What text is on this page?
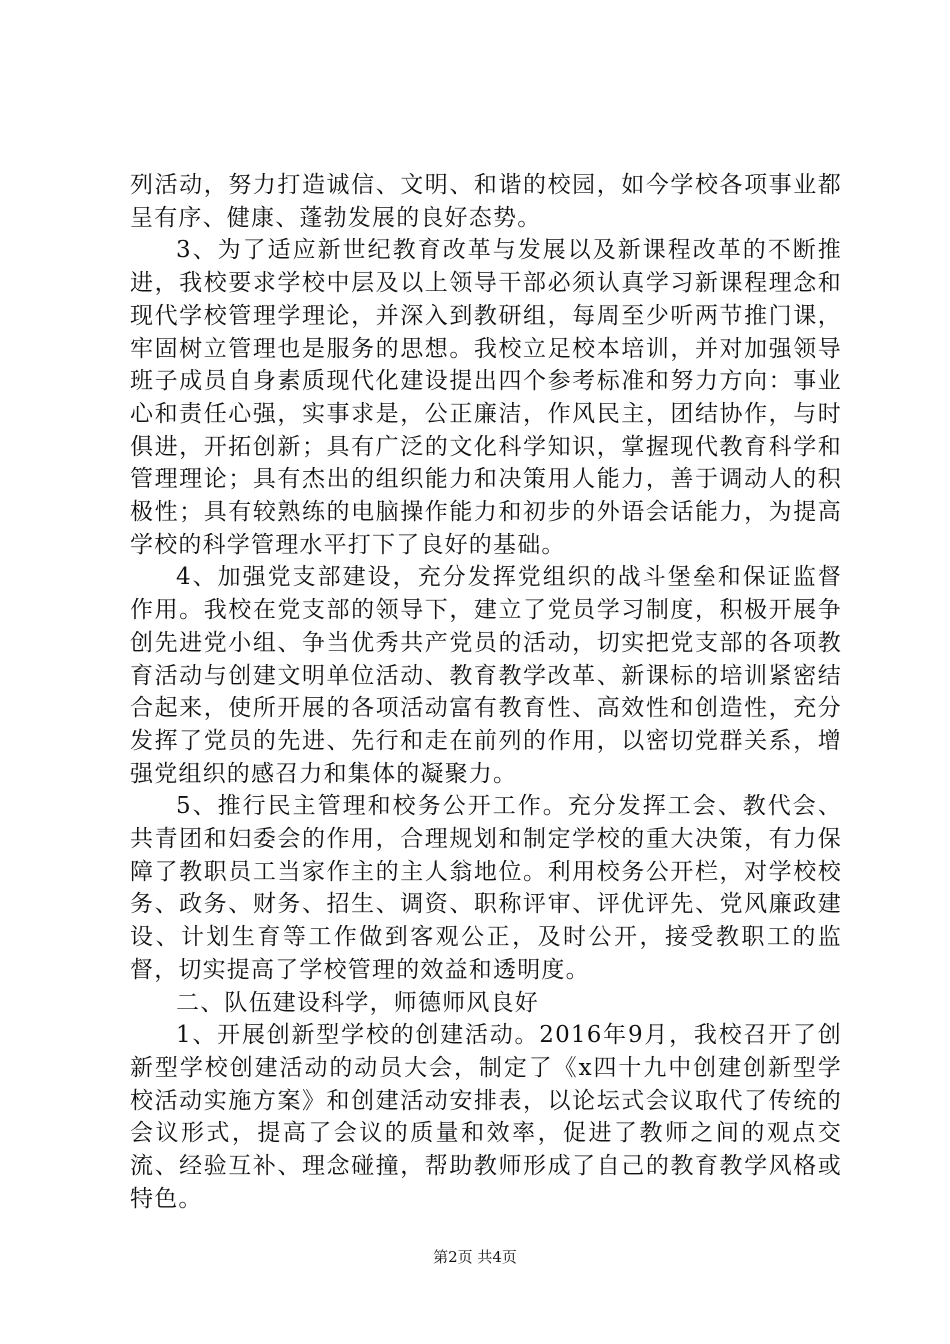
列活动，努力打造诚信、文明、和谐的校园，如今学校各项事业都呈有序、健康、蓬勃发展的良好态势。

3、为了适应新世纪教育改革与发展以及新课程改革的不断推进，我校要求学校中层及以上领导干部必须认真学习新课程理念和现代学校管理学理论，并深入到教研组，每周至少听两节推门课，牢固树立管理也是服务的思想。我校立足校本培训，并对加强领导班子成员自身素质现代化建设提出四个参考标准和努力方向：事业心和责任心强，实事求是，公正廉洁，作风民主，团结协作，与时俱进，开拓创新；具有广泛的文化科学知识，掌握现代教育科学和管理理论；具有杰出的组织能力和决策用人能力，善于调动人的积极性；具有较熟练的电脑操作能力和初步的外语会话能力，为提高学校的科学管理水平打下了良好的基础。

4、加强党支部建设，充分发挥党组织的战斗堡垒和保证监督作用。我校在党支部的领导下，建立了党员学习制度，积极开展争创先进党小组、争当优秀共产党员的活动，切实把党支部的各项教育活动与创建文明单位活动、教育教学改革、新课标的培训紧密结合起来，使所开展的各项活动富有教育性、高效性和创造性，充分发挥了党员的先进、先行和走在前列的作用，以密切党群关系，增强党组织的感召力和集体的凝聚力。

5、推行民主管理和校务公开工作。充分发挥工会、教代会、共青团和妇委会的作用，合理规划和制定学校的重大决策，有力保障了教职员工当家作主的主人翁地位。利用校务公开栏，对学校校务、政务、财务、招生、调资、职称评审、评优评先、党风廉政建设、计划生育等工作做到客观公正，及时公开，接受教职工的监督，切实提高了学校管理的效益和透明度。

二、队伍建设科学，师德师风良好

1、开展创新型学校的创建活动。2016年9月，我校召开了创新型学校创建活动的动员大会，制定了《x四十九中创建创新型学校活动实施方案》和创建活动安排表，以论坛式会议取代了传统的会议形式，提高了会议的质量和效率，促进了教师之间的观点交流、经验互补、理念碰撞，帮助教师形成了自己的教育教学风格或特色。

第2页 共4页
